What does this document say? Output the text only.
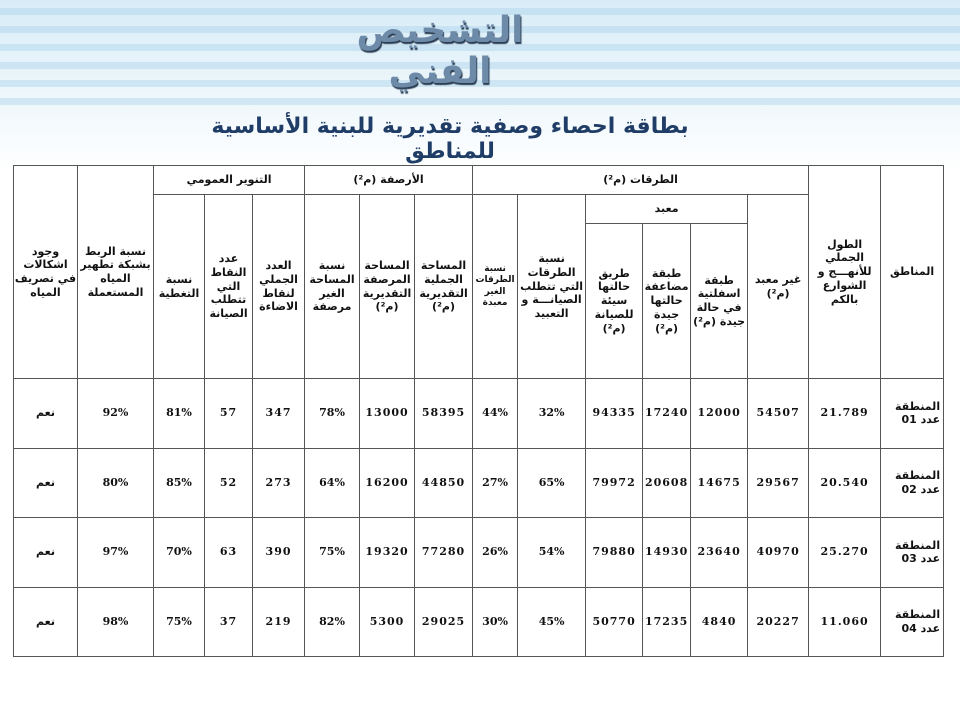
التشخيص الفني
بطاقة احصاء وصفية تقديرية للبنية الأساسية للمناطق
المناطق	الطول الجملي للأنهـــج و الشوارع بالكم	الطرقات (م²)						الأرصفة (م²)			التنوير العمومي			نسبة الربط بشبكة تطهير المياه المستعملة	وجود اشكالات في تصريف المياه
		غير معبد (م²)	معبد			نسبة الطرقات التي تتطلب الصيانـــة و التعبيد	نسبة الطرقات الغير معبدة	المساحة الجملية التقديرية (م²)	المساحة المرصفة التقديرية (م²)	نسبة المساحة الغير مرصفة	العدد الجملي لنقاط الاضاءة	عدد النقاط التي تتطلب الصيانة	نسبة التغطية		
			طبقة اسفلتية في حالة جيدة (م²)	طبقة مضاعفة حالتها جيدة (م²)	طريق حالتها سيئة للصيانة (م²)										

المنطقة
عدد 01	21.789	54507	12000	17240	94335	32%	44%	58395	13000	78%	347	57	81%	92%	نعم

المنطقة
عدد 02	20.540	29567	14675	20608	79972	65%	27%	44850	16200	64%	273	52	85%	80%	نعم

المنطقة
عدد 03	25.270	40970	23640	14930	79880	54%	26%	77280	19320	75%	390	63	70%	97%	نعم

المنطقة
عدد 04	11.060	20227	4840	17235	50770	45%	30%	29025	5300	82%	219	37	75%	98%	نعم
